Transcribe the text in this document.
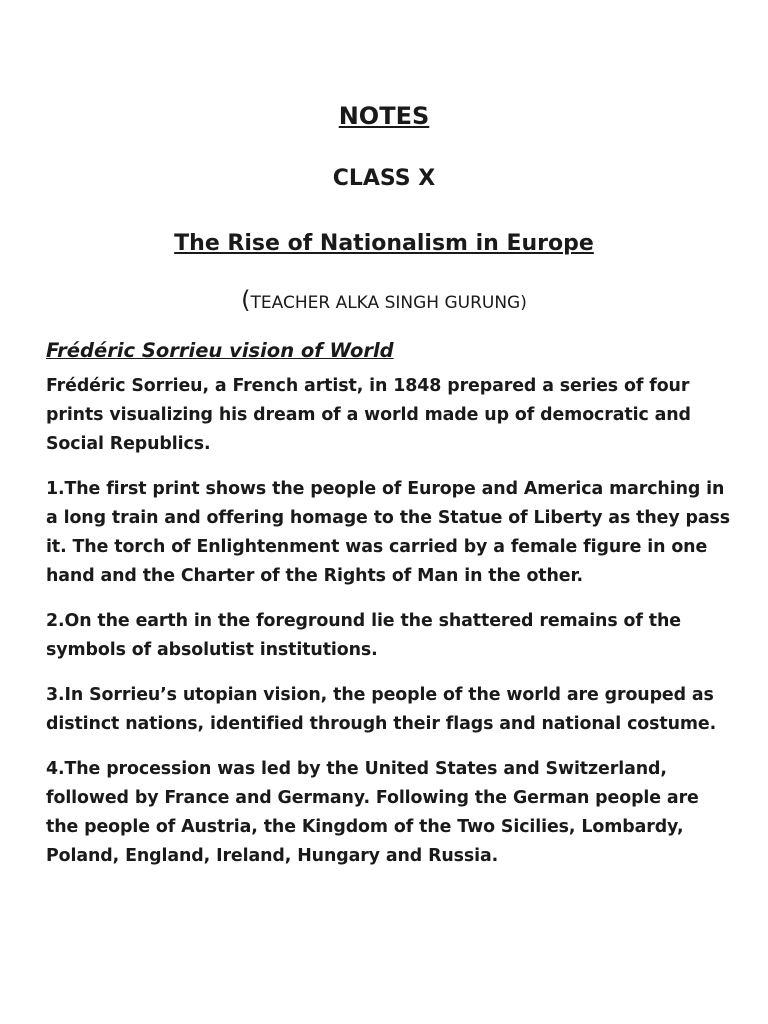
NOTES
CLASS X
The Rise of Nationalism in Europe
(TEACHER ALKA SINGH GURUNG)
Frédéric Sorrieu vision of World

Frédéric Sorrieu, a French artist, in 1848 prepared a series of four prints visualizing his dream of a world made up of democratic and Social Republics.

1.The first print shows the people of Europe and America marching in a long train and offering homage to the Statue of Liberty as they pass it. The torch of Enlightenment was carried by a female figure in one hand and the Charter of the Rights of Man in the other.

2.On the earth in the foreground lie the shattered remains of the symbols of absolutist institutions.

3.In Sorrieu’s utopian vision, the people of the world are grouped as distinct nations, identified through their flags and national costume.

4.The procession was led by the United States and Switzerland, followed by France and Germany. Following the German people are the people of Austria, the Kingdom of the Two Sicilies, Lombardy, Poland, England, Ireland, Hungary and Russia.
